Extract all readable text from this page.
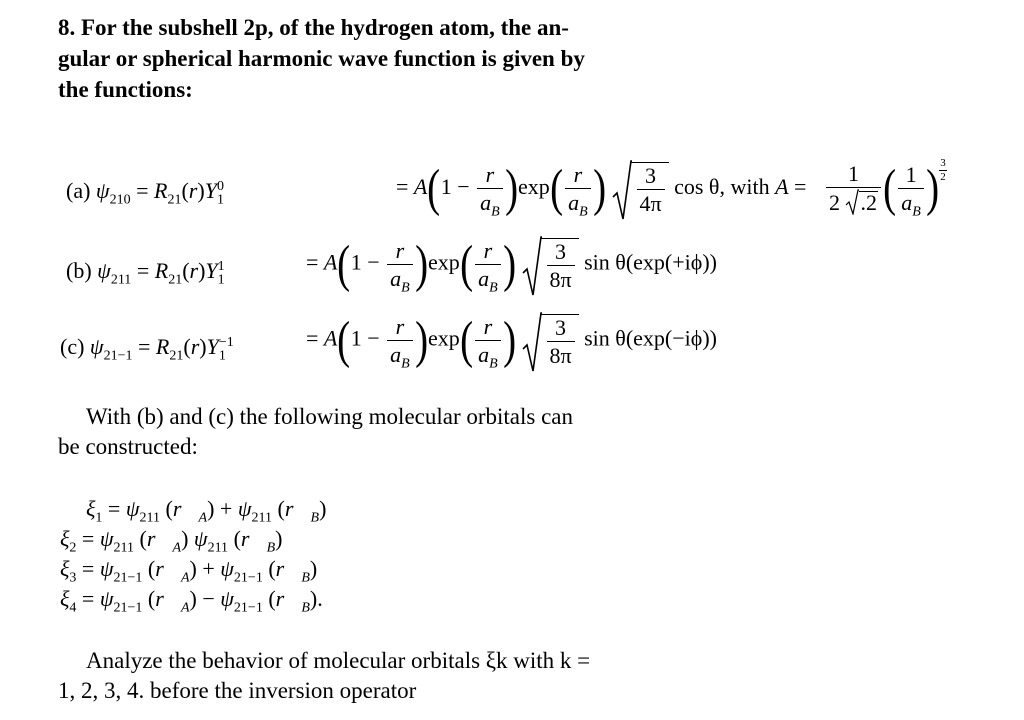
8. For the subshell 2p, of the hydrogen atom, the an-
gular or spherical harmonic wave function is given by
the functions:
(a) $\psi_{210} = R_{21}(r)Y_1^0$	= $A(1 - \frac{r}{a_B} )\exp( \frac{r}{a_B}$ ) $\frac{3}{4\pi}$ cos θ, with $A = \frac{1}{2 .2}$ ( $\frac{1}{a_B}$ ) $\frac{3}{2}$
(b) $\psi_{211} = R_{21}(r)Y_1^1$	= $A(1 - \frac{r}{a_B} )\exp( \frac{r}{a_B}$ ) $\frac{3}{8\pi}$ sin θ(exp(+iϕ))
(c) $\psi_{21-1} = R_{21}(r)Y_1^{-1}$	= $A(1 - \frac{r}{a_B} )\exp( \frac{r}{a_B}$ ) $\frac{3}{8\pi}$ sin θ(exp(−iϕ))
With (b) and (c) the following molecular orbitals can
be constructed:
$\xi_1 = \psi_{211}$ $(r⃗_A) + \psi_{211}$ $(r⃗_B)$
$\xi_2 = \psi_{211}$ $(r⃗_A)$ $\psi_{211}$ $(r⃗_B)$
$\xi_3 = \psi_{21-1}$ $(r⃗_A) + \psi_{21-1}$ $(r⃗_B)$
$\xi_4 = \psi_{21-1}$ $(r⃗_A) - \psi_{21-1}$ $(r⃗_B)$.
Analyze the behavior of molecular orbitals ξk with k =
1, 2, 3, 4. before the inversion operator
